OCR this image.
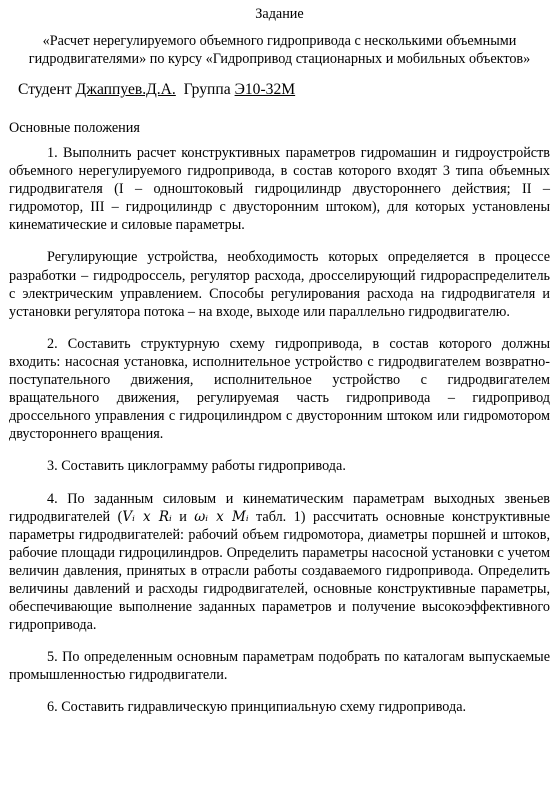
Задание
«Расчет нерегулируемого объемного гидропривода с несколькими объемными гидродвигателями» по курсу «Гидропривод стационарных и мобильных объектов»
Студент Джаппуев.Д.А. Группа Э10-32М
Основные положения

1. Выполнить расчет конструктивных параметров гидромашин и гидроустройств объемного нерегулируемого гидропривода, в состав которого входят 3 типа объемных гидродвигателя (I – одноштоковый гидроцилиндр двустороннего действия; II – гидромотор, III – гидроцилиндр с двусторонним штоком), для которых установлены кинематические и силовые параметры.

Регулирующие устройства, необходимость которых определяется в процессе разработки – гидродроссель, регулятор расхода, дросселирующий гидрораспределитель с электрическим управлением. Способы регулирования расхода на гидродвигателя и установки регулятора потока – на входе, выходе или параллельно гидродвигателю.

2. Составить структурную схему гидропривода, в состав которого должны входить: насосная установка, исполнительное устройство с гидродвигателем возвратно-поступательного движения, исполнительное устройство с гидродвигателем вращательного движения, регулируемая часть гидропривода – гидропривод дроссельного управления с гидроцилиндром с двусторонним штоком или гидромотором двустороннего вращения.

3. Составить циклограмму работы гидропривода.

4. По заданным силовым и кинематическим параметрам выходных звеньев гидродвигателей (Vᵢ x Rᵢ и ωᵢ x Mᵢ табл. 1) рассчитать основные конструктивные параметры гидродвигателей: рабочий объем гидромотора, диаметры поршней и штоков, рабочие площади гидроцилиндров. Определить параметры насосной установки с учетом величин давления, принятых в отрасли работы создаваемого гидропривода. Определить величины давлений и расходы гидродвигателей, основные конструктивные параметры, обеспечивающие выполнение заданных параметров и получение высокоэффективного гидропривода.

5. По определенным основным параметрам подобрать по каталогам выпускаемые промышленностью гидродвигатели.

6. Составить гидравлическую принципиальную схему гидропривода.
